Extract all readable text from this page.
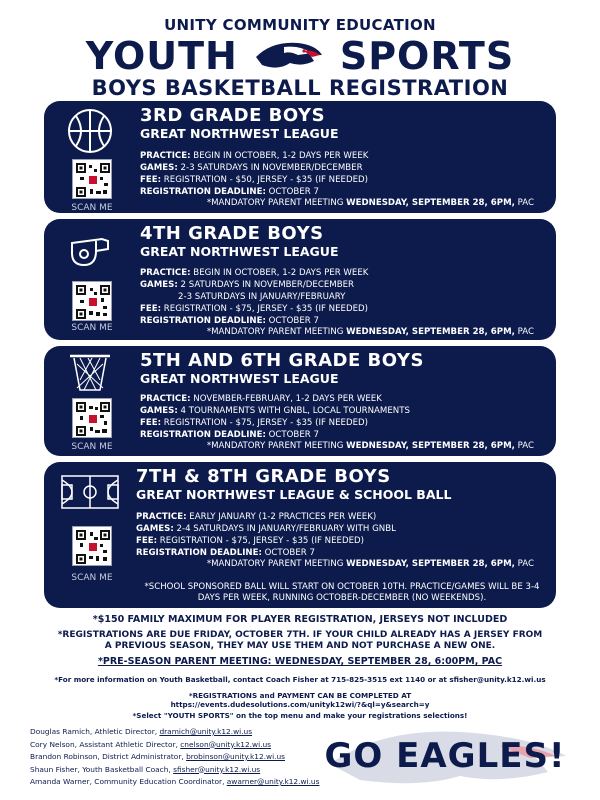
UNITY COMMUNITY EDUCATION
YOUTH	SPORTS
BOYS BASKETBALL REGISTRATION
SCAN ME
3RD GRADE BOYS
GREAT NORTHWEST LEAGUE
PRACTICE: BEGIN IN OCTOBER, 1-2 DAYS PER WEEK
GAMES: 2-3 SATURDAYS IN NOVEMBER/DECEMBER
FEE: REGISTRATION - $50, JERSEY - $35 (IF NEEDED)
REGISTRATION DEADLINE: OCTOBER 7
*MANDATORY PARENT MEETING WEDNESDAY, SEPTEMBER 28, 6PM, PAC
SCAN ME
4TH GRADE BOYS
GREAT NORTHWEST LEAGUE
PRACTICE: BEGIN IN OCTOBER, 1-2 DAYS PER WEEK
GAMES: 2 SATURDAYS IN NOVEMBER/DECEMBER
2-3 SATURDAYS IN JANUARY/FEBRUARY
FEE: REGISTRATION - $75, JERSEY - $35 (IF NEEDED)
REGISTRATION DEADLINE: OCTOBER 7
*MANDATORY PARENT MEETING WEDNESDAY, SEPTEMBER 28, 6PM, PAC
SCAN ME
5TH AND 6TH GRADE BOYS
GREAT NORTHWEST LEAGUE
PRACTICE: NOVEMBER-FEBRUARY, 1-2 DAYS PER WEEK
GAMES: 4 TOURNAMENTS WITH GNBL, LOCAL TOURNAMENTS
FEE: REGISTRATION - $75, JERSEY - $35 (IF NEEDED)
REGISTRATION DEADLINE: OCTOBER 7
*MANDATORY PARENT MEETING WEDNESDAY, SEPTEMBER 28, 6PM, PAC
SCAN ME
7TH & 8TH GRADE BOYS
GREAT NORTHWEST LEAGUE & SCHOOL BALL
PRACTICE: EARLY JANUARY (1-2 PRACTICES PER WEEK)
GAMES: 2-4 SATURDAYS IN JANUARY/FEBRUARY WITH GNBL
FEE: REGISTRATION - $75, JERSEY - $35 (IF NEEDED)
REGISTRATION DEADLINE: OCTOBER 7
*MANDATORY PARENT MEETING WEDNESDAY, SEPTEMBER 28, 6PM, PAC
*SCHOOL SPONSORED BALL WILL START ON OCTOBER 10TH. PRACTICE/GAMES WILL BE 3-4 DAYS PER WEEK, RUNNING OCTOBER-DECEMBER (NO WEEKENDS).
*$150 FAMILY MAXIMUM FOR PLAYER REGISTRATION, JERSEYS NOT INCLUDED
*REGISTRATIONS ARE DUE FRIDAY, OCTOBER 7TH. IF YOUR CHILD ALREADY HAS A JERSEY FROM A PREVIOUS SEASON, THEY MAY USE THEM AND NOT PURCHASE A NEW ONE.
*PRE-SEASON PARENT MEETING: WEDNESDAY, SEPTEMBER 28, 6:00PM, PAC
*For more information on Youth Basketball, contact Coach Fisher at 715-825-3515 ext 1140 or at sfisher@unity.k12.wi.us
*REGISTRATIONS and PAYMENT CAN BE COMPLETED AT
https://events.dudesolutions.com/unityk12wi/?&ql=y&search=y
*Select "YOUTH SPORTS" on the top menu and make your registrations selections!
Douglas Ramich, Athletic Director, dramich@unity.k12.wi.us
Cory Nelson, Assistant Athletic Director, cnelson@unity.k12.wi.us
Brandon Robinson, District Administrator, brobinson@unity.k12.wi.us
Shaun Fisher, Youth Basketball Coach, sfisher@unity.k12.wi.us
Amanda Warner, Community Education Coordinator, awarner@unity.k12.wi.us
GO EAGLES!
